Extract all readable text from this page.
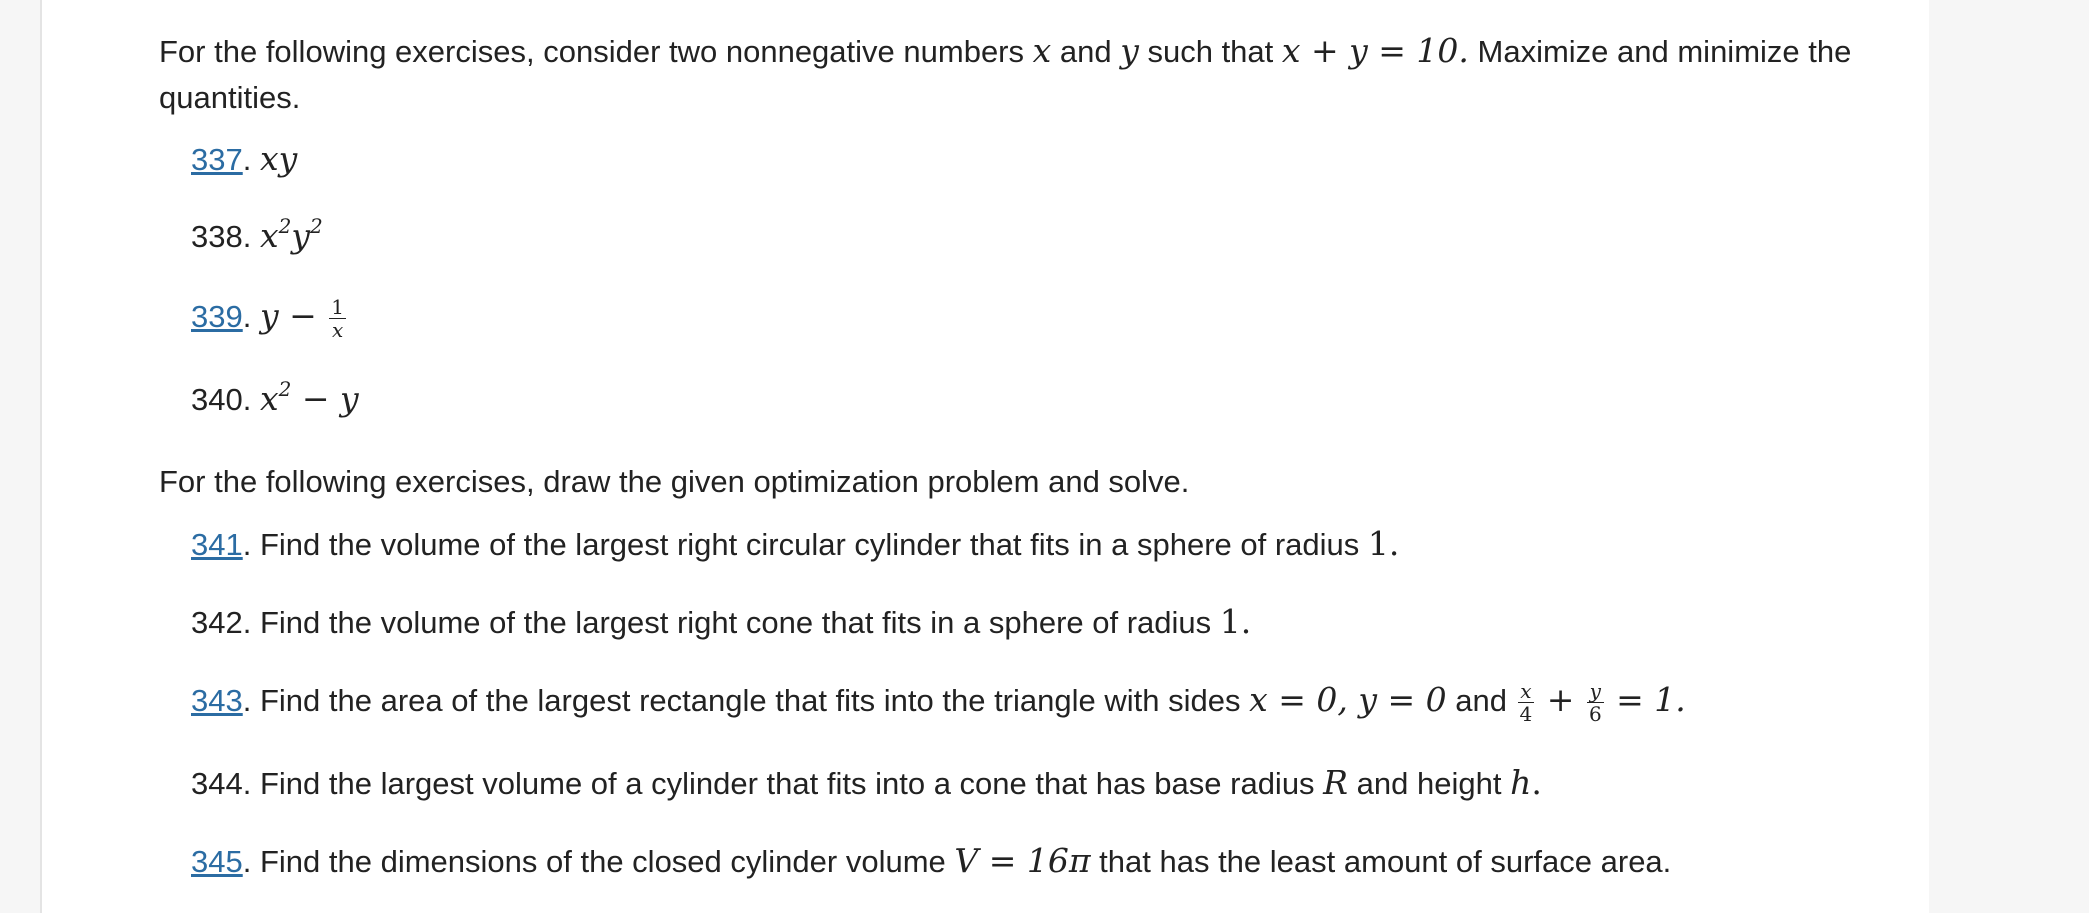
For the following exercises, consider two nonnegative numbers x and y such that x + y = 10. Maximize and minimize the quantities.

337. xy
338. $x^2y^2$
339. $y - \frac{1}{x}$
340. $x^2 - y$

For the following exercises, draw the given optimization problem and solve.

341. Find the volume of the largest right circular cylinder that fits in a sphere of radius 1.
342. Find the volume of the largest right cone that fits in a sphere of radius 1.
343. Find the area of the largest rectangle that fits into the triangle with sides x = 0, y = 0 and $\frac{x}{4} + \frac{y}{6} = 1$.
344. Find the largest volume of a cylinder that fits into a cone that has base radius R and height h.
345. Find the dimensions of the closed cylinder volume V = 16π that has the least amount of surface area.
